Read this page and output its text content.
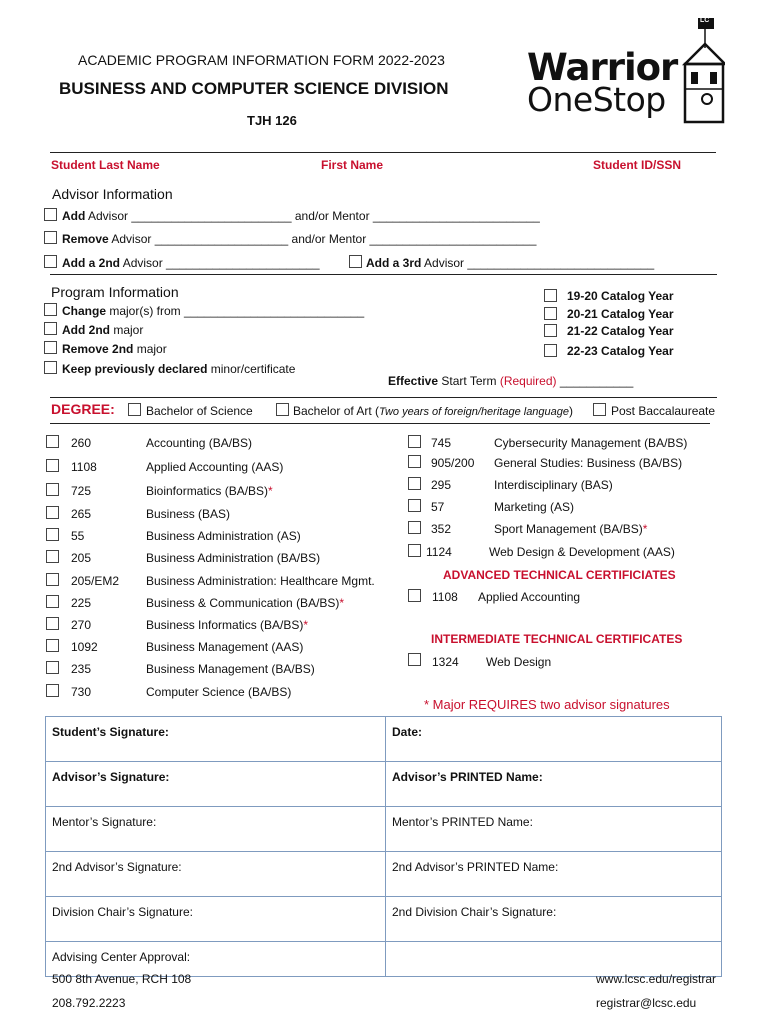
ACADEMIC PROGRAM INFORMATION FORM 2022-2023
BUSINESS AND COMPUTER SCIENCE DIVISION
TJH 126
Warrior
OneStop
LC
Student Last Name	First Name	Student ID/SSN
Advisor Information
Add Advisor ________________________ and/or Mentor _________________________
Remove Advisor ____________________ and/or Mentor _________________________
Add a 2nd Advisor _______________________	Add a 3rd Advisor ____________________________
Program Information
Change major(s) from ___________________________
Add 2nd major
Remove 2nd major
Keep previously declared minor/certificate
19-20 Catalog Year
20-21 Catalog Year
21-22 Catalog Year
22-23 Catalog Year
Effective Start Term (Required) ___________
DEGREE:	Bachelor of Science	Bachelor of Art (Two years of foreign/heritage language)	Post Baccalaureate
260	Accounting (BA/BS)
1108	Applied Accounting (AAS)
725	Bioinformatics (BA/BS)*
265	Business (BAS)
55	Business Administration (AS)
205	Business Administration (BA/BS)
205/EM2 Business Administration: Healthcare Mgmt.
225	Business & Communication (BA/BS)*
270	Business Informatics (BA/BS)*
1092	Business Management (AAS)
235	Business Management (BA/BS)
730	Computer Science (BA/BS)
745	Cybersecurity Management (BA/BS)
905/200 General Studies: Business (BA/BS)
295	Interdisciplinary (BAS)
57	Marketing (AS)
352	Sport Management (BA/BS)*
1124	Web Design & Development (AAS)
ADVANCED TECHNICAL CERTIFICIATES
1108 Applied Accounting
INTERMEDIATE TECHNICAL CERTIFICATES
1324 Web Design
* Major REQUIRES two advisor signatures
Student’s Signature:	Date:
Advisor’s Signature:	Advisor’s PRINTED Name:
Mentor’s Signature:	Mentor’s PRINTED Name:
2nd Advisor’s Signature:	2nd Advisor’s PRINTED Name:
Division Chair’s Signature:	2nd Division Chair’s Signature:
Advising Center Approval:	
500 8th Avenue, RCH 108
208.792.2223
www.lcsc.edu/registrar
registrar@lcsc.edu
